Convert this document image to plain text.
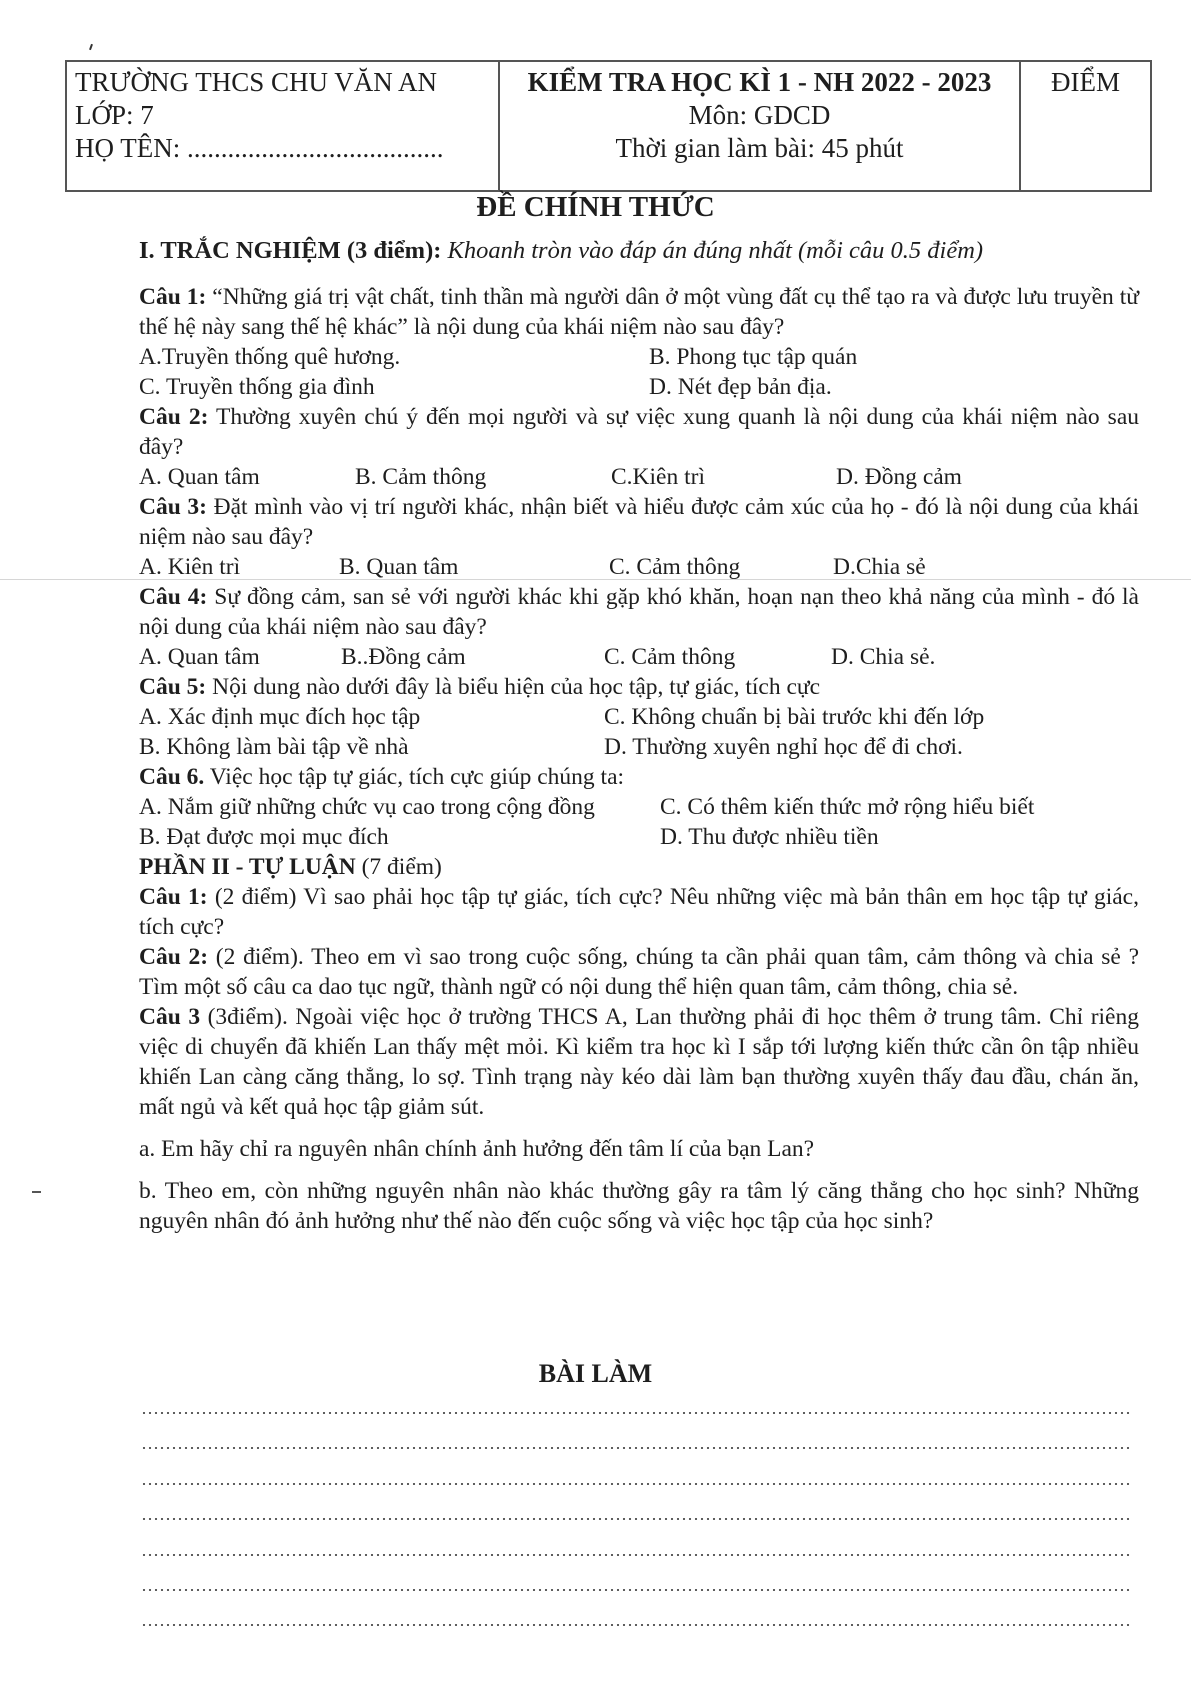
TRƯỜNG THCS CHU VĂN AN
LỚP: 7
HỌ TÊN: ......................................
KIỂM TRA HỌC KÌ 1 - NH 2022 - 2023
Môn: GDCD
Thời gian làm bài: 45 phút
ĐIỂM
ĐỀ CHÍNH THỨC

I. TRẮC NGHIỆM (3 điểm): Khoanh tròn vào đáp án đúng nhất (mỗi câu 0.5 điểm)

Câu 1: “Những giá trị vật chất, tinh thần mà người dân ở một vùng đất cụ thể tạo ra và được lưu truyền từ thế hệ này sang thế hệ khác” là nội dung của khái niệm nào sau đây?

A.Truyền thống quê hương.	B. Phong tục tập quán
C. Truyền thống gia đình	D. Nét đẹp bản địa.

Câu 2: Thường xuyên chú ý đến mọi người và sự việc xung quanh là nội dung của khái niệm nào sau đây?

A. Quan tâm	B. Cảm thông	C.Kiên trì	D. Đồng cảm

Câu 3: Đặt mình vào vị trí người khác, nhận biết và hiểu được cảm xúc của họ - đó là nội dung của khái niệm nào sau đây?

A. Kiên trì	B. Quan tâm	C. Cảm thông	D.Chia sẻ

Câu 4: Sự đồng cảm, san sẻ với người khác khi gặp khó khăn, hoạn nạn theo khả năng của mình - đó là nội dung của khái niệm nào sau đây?

A. Quan tâm	B..Đồng cảm	C. Cảm thông	D. Chia sẻ.

Câu 5: Nội dung nào dưới đây là biểu hiện của học tập, tự giác, tích cực

A. Xác định mục đích học tập	C. Không chuẩn bị bài trước khi đến lớp
B. Không làm bài tập về nhà	D. Thường xuyên nghỉ học để đi chơi.

Câu 6. Việc học tập tự giác, tích cực giúp chúng ta:

A. Nắm giữ những chức vụ cao trong cộng đồng	C. Có thêm kiến thức mở rộng hiểu biết
B. Đạt được mọi mục đích	D. Thu được nhiều tiền

PHẦN II - TỰ LUẬN (7 điểm)

Câu 1: (2 điểm) Vì sao phải học tập tự giác, tích cực? Nêu những việc mà bản thân em học tập tự giác, tích cực?

Câu 2: (2 điểm). Theo em vì sao trong cuộc sống, chúng ta cần phải quan tâm, cảm thông và chia sẻ ? Tìm một số câu ca dao tục ngữ, thành ngữ có nội dung thể hiện quan tâm, cảm thông, chia sẻ.

Câu 3 (3điểm). Ngoài việc học ở trường THCS A, Lan thường phải đi học thêm ở trung tâm. Chỉ riêng việc di chuyển đã khiến Lan thấy mệt mỏi. Kì kiểm tra học kì I sắp tới lượng kiến thức cần ôn tập nhiều khiến Lan càng căng thẳng, lo sợ. Tình trạng này kéo dài làm bạn thường xuyên thấy đau đầu, chán ăn, mất ngủ và kết quả học tập giảm sút.

a. Em hãy chỉ ra nguyên nhân chính ảnh hưởng đến tâm lí của bạn Lan?

b. Theo em, còn những nguyên nhân nào khác thường gây ra tâm lý căng thẳng cho học sinh? Những nguyên nhân đó ảnh hưởng như thế nào đến cuộc sống và việc học tập của học sinh?

BÀI LÀM
